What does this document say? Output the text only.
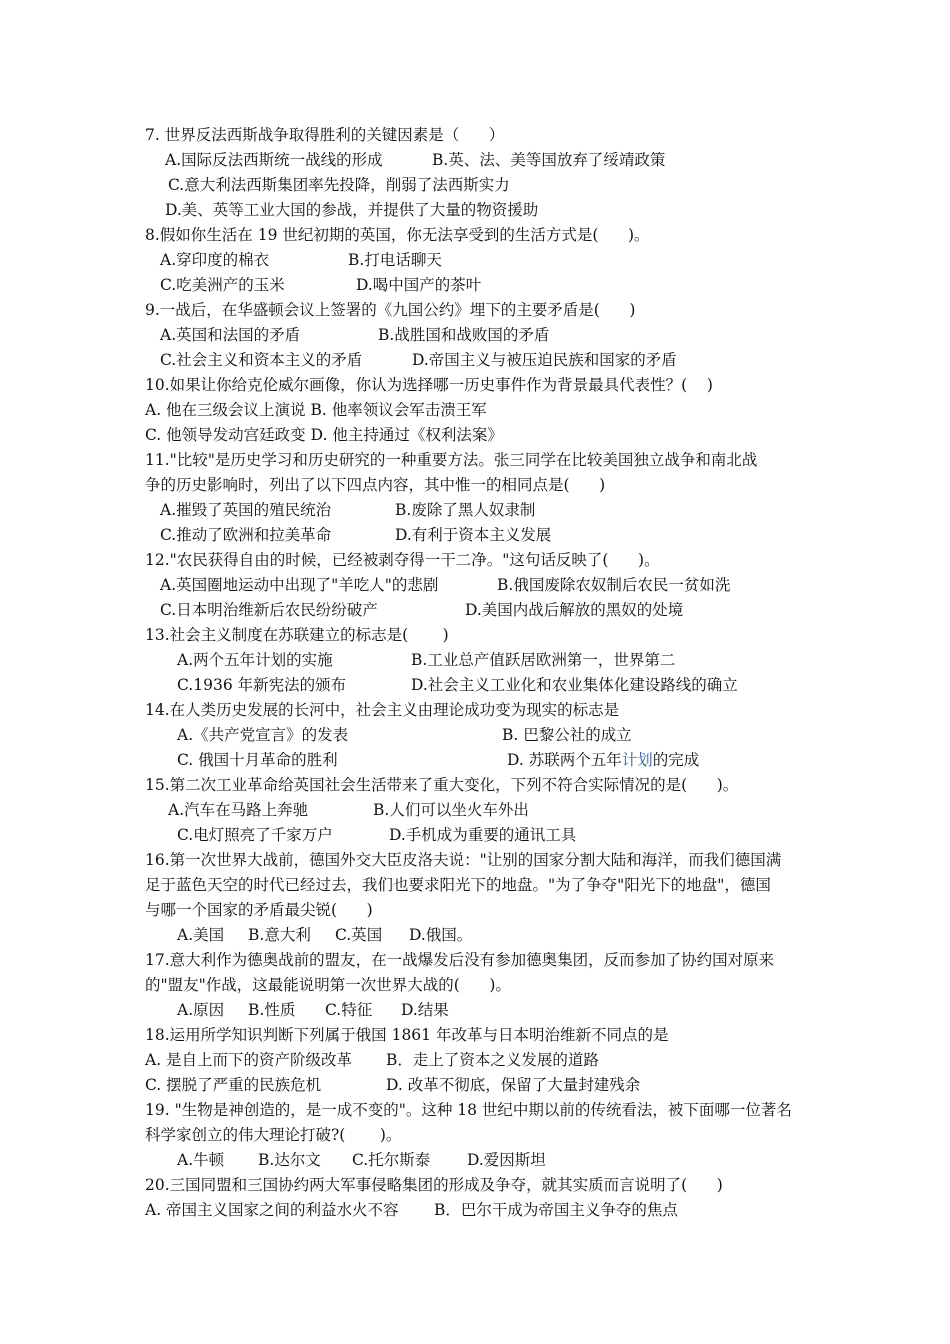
7. 世界反法西斯战争取得胜利的关键因素是（      ）
A.国际反法西斯统一战线的形成	B.英、法、美等国放弃了绥靖政策
C.意大利法西斯集团率先投降，削弱了法西斯实力
D.美、英等工业大国的参战，并提供了大量的物资援助
8.假如你生活在 19 世纪初期的英国，你无法享受到的生活方式是(      )。
A.穿印度的棉衣	B.打电话聊天
C.吃美洲产的玉米	D.喝中国产的茶叶
9.一战后，在华盛顿会议上签署的《九国公约》埋下的主要矛盾是(      )
A.英国和法国的矛盾	B.战胜国和战败国的矛盾
C.社会主义和资本主义的矛盾	D.帝国主义与被压迫民族和国家的矛盾
10.如果让你给克伦威尔画像，你认为选择哪一历史事件作为背景最具代表性？(    )
A. 他在三级会议上演说 B. 他率领议会军击溃王军
C. 他领导发动宫廷政变 D. 他主持通过《权利法案》
11."比较"是历史学习和历史研究的一种重要方法。张三同学在比较美国独立战争和南北战
争的历史影响时，列出了以下四点内容，其中惟一的相同点是(      )
A.摧毁了英国的殖民统治	B.废除了黑人奴隶制
C.推动了欧洲和拉美革命	D.有利于资本主义发展
12."农民获得自由的时候，已经被剥夺得一干二净。"这句话反映了(      )。
A.英国圈地运动中出现了"羊吃人"的悲剧	B.俄国废除农奴制后农民一贫如洗
C.日本明治维新后农民纷纷破产	D.美国内战后解放的黑奴的处境
13.社会主义制度在苏联建立的标志是(       )
A.两个五年计划的实施	B.工业总产值跃居欧洲第一，世界第二
C.1936 年新宪法的颁布	D.社会主义工业化和农业集体化建设路线的确立
14.在人类历史发展的长河中，社会主义由理论成功变为现实的标志是
A.《共产党宣言》的发表	B. 巴黎公社的成立
C. 俄国十月革命的胜利	D. 苏联两个五年计划的完成
15.第二次工业革命给英国社会生活带来了重大变化，下列不符合实际情况的是(      )。
A.汽车在马路上奔驰	B.人们可以坐火车外出
C.电灯照亮了千家万户	D.手机成为重要的通讯工具
16.第一次世界大战前，德国外交大臣皮洛夫说："让别的国家分割大陆和海洋，而我们德国满
足于蓝色天空的时代已经过去，我们也要求阳光下的地盘。"为了争夺"阳光下的地盘"，德国
与哪一个国家的矛盾最尖锐(      )
A.美国 B.意大利 C.英国 D.俄国。
17.意大利作为德奥战前的盟友，在一战爆发后没有参加德奥集团，反而参加了协约国对原来
的"盟友"作战，这最能说明第一次世界大战的(      )。
A.原因 B.性质 C.特征 D.结果
18.运用所学知识判断下列属于俄国 1861 年改革与日本明治维新不同点的是
A. 是自上而下的资产阶级改革 B．走上了资本之义发展的道路
C. 摆脱了严重的民族危机	D. 改革不彻底，保留了大量封建残余
19. "生物是神创造的，是一成不变的"。这种 18 世纪中期以前的传统看法，被下面哪一位著名
科学家创立的伟大理论打破?(       )。
A.牛顿 B.达尔文 C.托尔斯泰 D.爱因斯坦
20.三国同盟和三国协约两大军事侵略集团的形成及争夺，就其实质而言说明了(      )
A. 帝国主义国家之间的利益水火不容 B．巴尔干成为帝国主义争夺的焦点
